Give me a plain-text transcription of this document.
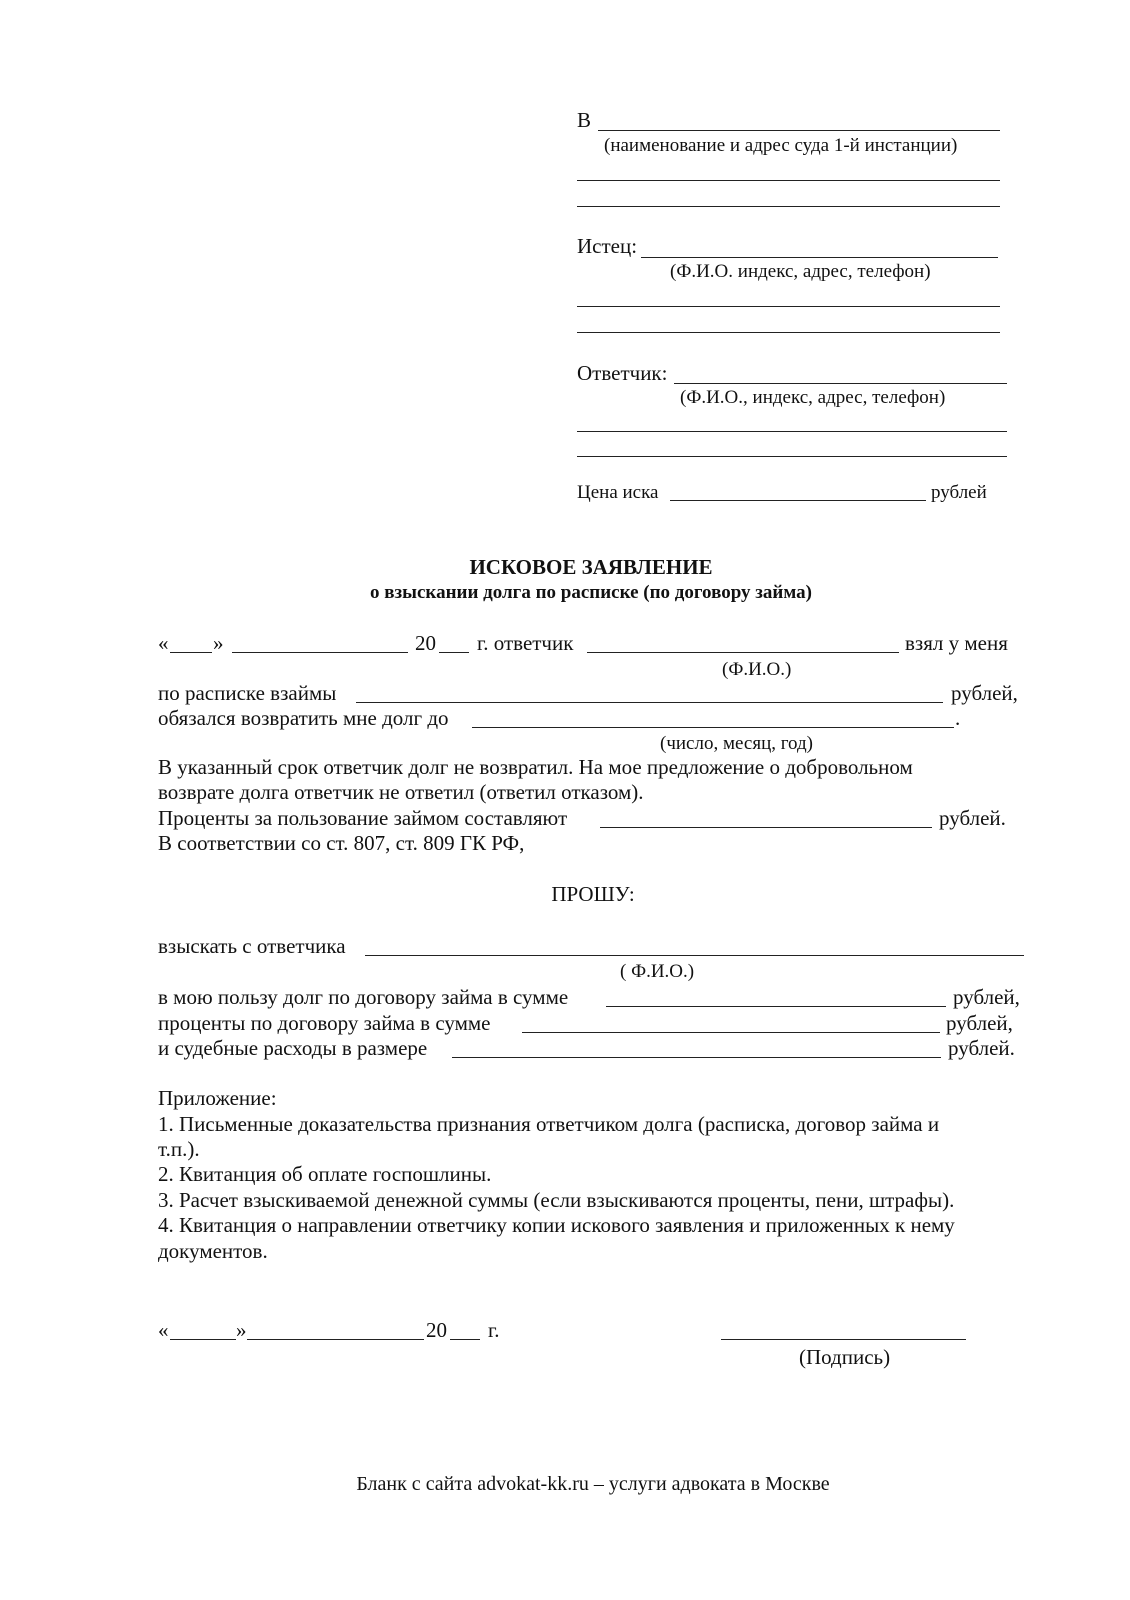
В
(наименование и адрес суда 1-й инстанции)
Истец:
(Ф.И.О. индекс, адрес, телефон)
Ответчик:
(Ф.И.О., индекс, адрес, телефон)
Цена иска	рублей
ИСКОВОЕ ЗАЯВЛЕНИЕ
о взыскании долга по расписке (по договору займа)
« »	20 г. ответчик	взял у меня
(Ф.И.О.)
по расписке взаймы	рублей,
обязался возвратить мне долг до	.
(число, месяц, год)
В указанный срок ответчик долг не возвратил. На мое предложение о добровольном
возврате долга ответчик не ответил (ответил отказом).
Проценты за пользование займом составляют	рублей.
В соответствии со ст. 807, ст. 809 ГК РФ,
ПРОШУ:
взыскать с ответчика
( Ф.И.О.)
в мою пользу долг по договору займа в сумме	рублей,
проценты по договору займа в сумме	рублей,
и судебные расходы в размере	рублей.
Приложение:
1. Письменные доказательства признания ответчиком долга (расписка, договор займа и
т.п.).
2. Квитанция об оплате госпошлины.
3. Расчет взыскиваемой денежной суммы (если взыскиваются проценты, пени, штрафы).
4. Квитанция о направлении ответчику копии искового заявления и приложенных к нему
документов.
«	»	20 г.
(Подпись)
Бланк с сайта advokat-kk.ru – услуги адвоката в Москве
